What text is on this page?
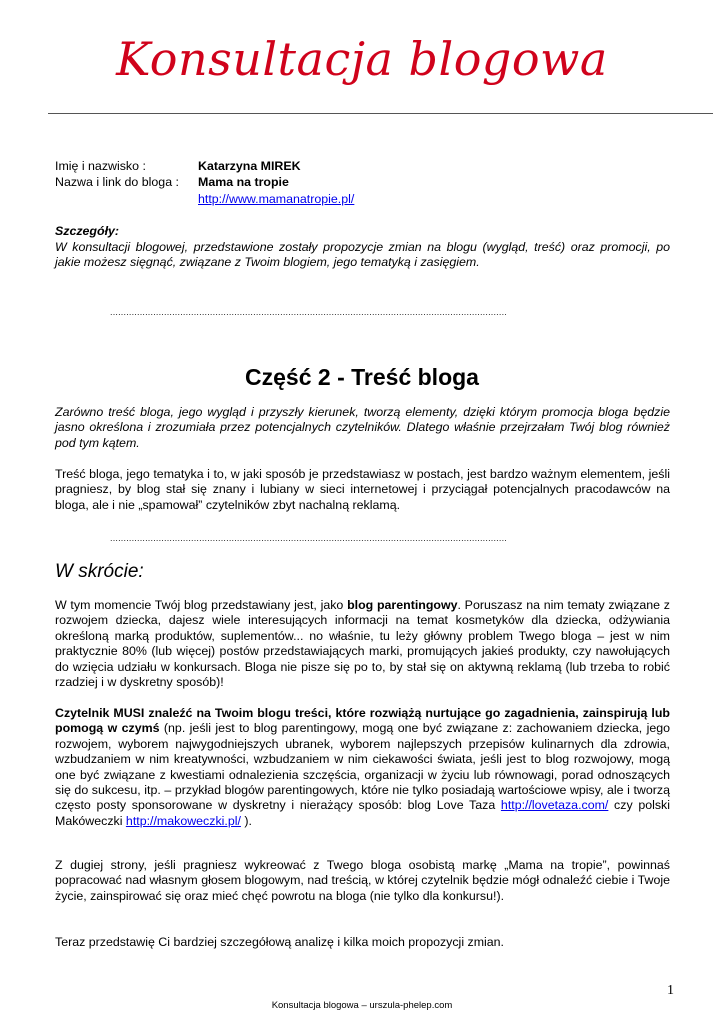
Konsultacja blogowa
Imię i nazwisko :	Katarzyna MIREK
Nazwa i link do bloga : Mama na tropie
http://www.mamanatropie.pl/
Szczegóły:
W konsultacji blogowej, przedstawione zostały propozycje zmian na blogu (wygląd, treść) oraz promocji, po jakie możesz sięgnąć, związane z Twoim blogiem, jego tematyką i zasięgiem.
...................................................................................................................................................
Część 2 - Treść bloga
Zarówno treść bloga, jego wygląd i przyszły kierunek, tworzą elementy, dzięki którym promocja bloga będzie jasno określona i zrozumiała przez potencjalnych czytelników. Dlatego właśnie przejrzałam Twój blog również pod tym kątem.
Treść bloga, jego tematyka i to, w jaki sposób je przedstawiasz w postach, jest bardzo ważnym elementem, jeśli pragniesz, by blog stał się znany i lubiany w sieci internetowej i przyciągał potencjalnych pracodawców na bloga, ale i nie „spamował” czytelników zbyt nachalną reklamą.
...................................................................................................................................................
W skrócie:
W tym momencie Twój blog przedstawiany jest, jako blog parentingowy. Poruszasz na nim tematy związane z rozwojem dziecka, dajesz wiele interesujących informacji na temat kosmetyków dla dziecka, odżywiania określoną marką produktów, suplementów... no właśnie, tu leży główny problem Twego bloga – jest w nim praktycznie 80% (lub więcej) postów przedstawiających marki, promujących jakieś produkty, czy nawołujących do wzięcia udziału w konkursach. Bloga nie pisze się po to, by stał się on aktywną reklamą (lub trzeba to robić rzadziej i w dyskretny sposób)!
Czytelnik MUSI znaleźć na Twoim blogu treści, które rozwiążą nurtujące go zagadnienia, zainspirują lub pomogą w czymś (np. jeśli jest to blog parentingowy, mogą one być związane z: zachowaniem dziecka, jego rozwojem, wyborem najwygodniejszych ubranek, wyborem najlepszych przepisów kulinarnych dla zdrowia, wzbudzaniem w nim kreatywności, wzbudzaniem w nim ciekawości świata, jeśli jest to blog rozwojowy, mogą one być związane z kwestiami odnalezienia szczęścia, organizacji w życiu lub równowagi, porad odnoszących się do sukcesu, itp. – przykład blogów parentingowych, które nie tylko posiadają wartościowe wpisy, ale i tworzą często posty sponsorowane w dyskretny i nierażący sposób: blog Love Taza http://lovetaza.com/ czy polski Makóweczki http://makoweczki.pl/ ).
Z dugiej strony, jeśli pragniesz wykreować z Twego bloga osobistą markę „Mama na tropie”, powinnaś popracować nad własnym głosem blogowym, nad treścią, w której czytelnik będzie mógł odnaleźć ciebie i Twoje życie, zainspirować się oraz mieć chęć powrotu na bloga (nie tylko dla konkursu!).
Teraz przedstawię Ci bardziej szczegółową analizę i kilka moich propozycji zmian.
1
Konsultacja blogowa – urszula-phelep.com
